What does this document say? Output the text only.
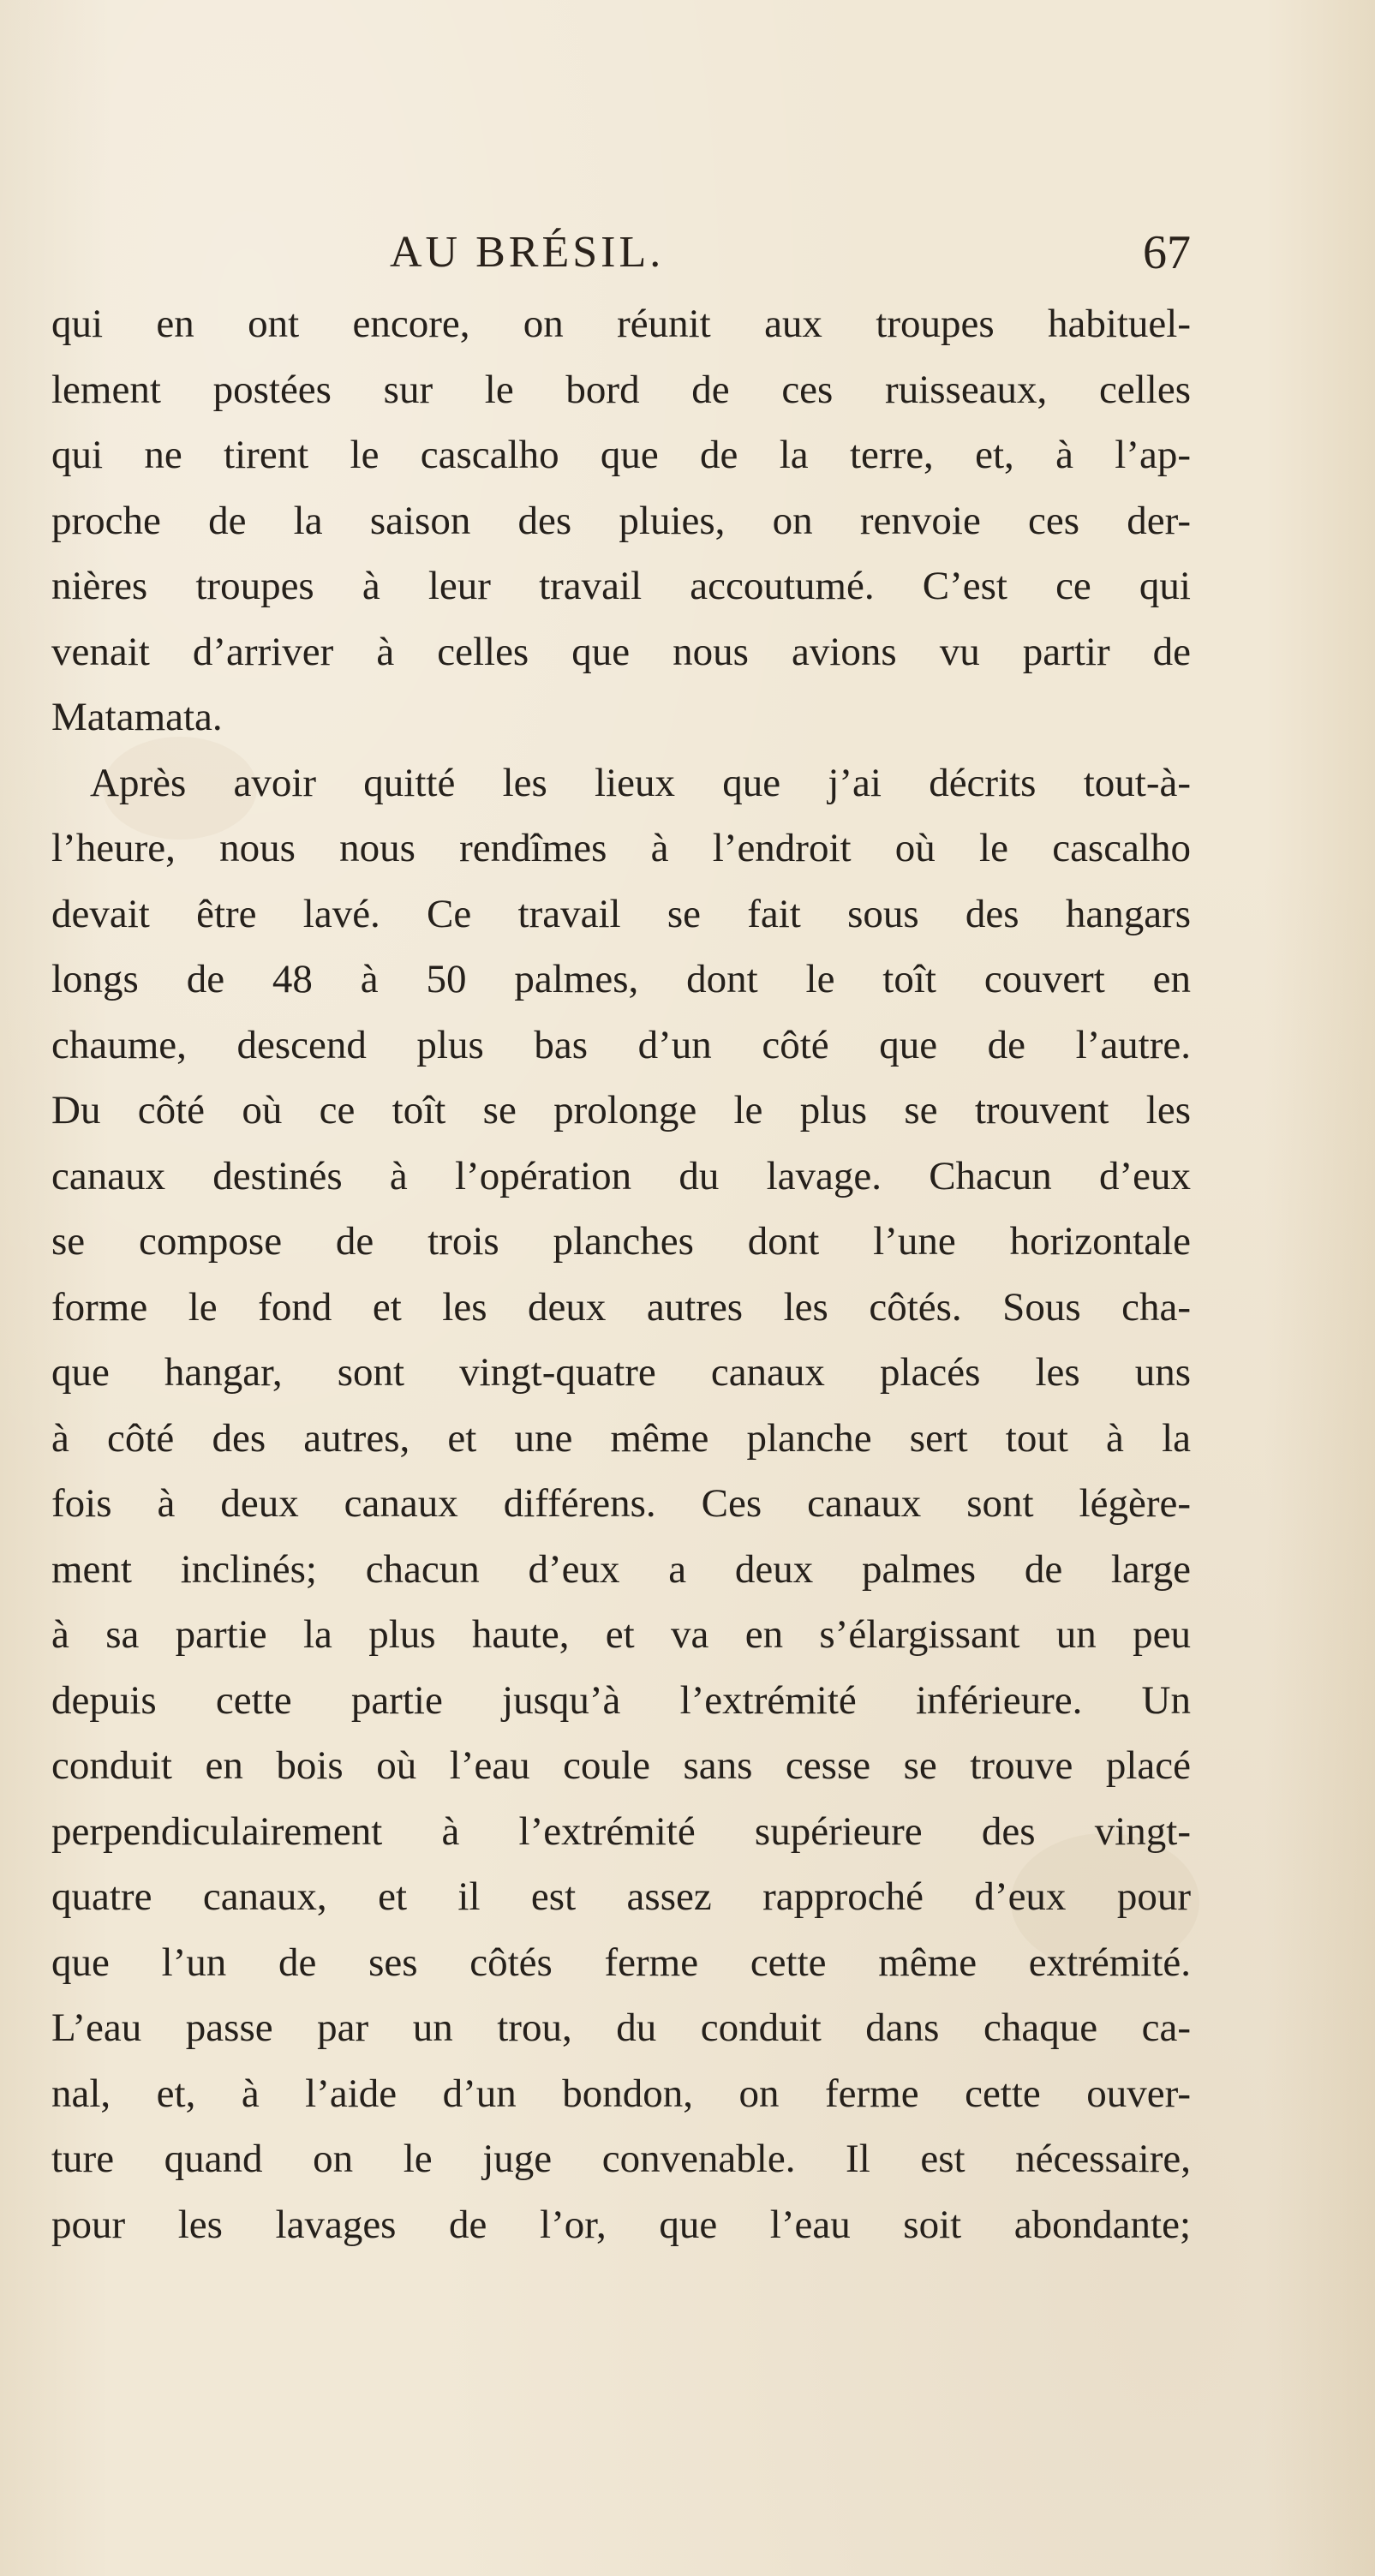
AU BRÉSIL.	67
qui en ont encore, on réunit aux troupes habituel-
lement postées sur le bord de ces ruisseaux, celles
qui ne tirent le cascalho que de la terre, et, à l’ap-
proche de la saison des pluies, on renvoie ces der-
nières troupes à leur travail accoutumé. C’est ce qui
venait d’arriver à celles que nous avions vu partir de
Matamata.
Après avoir quitté les lieux que j’ai décrits tout-à-
l’heure, nous nous rendîmes à l’endroit où le cascalho
devait être lavé. Ce travail se fait sous des hangars
longs de 48 à 50 palmes, dont le toît couvert en
chaume, descend plus bas d’un côté que de l’autre.
Du côté où ce toît se prolonge le plus se trouvent les
canaux destinés à l’opération du lavage. Chacun d’eux
se compose de trois planches dont l’une horizontale
forme le fond et les deux autres les côtés. Sous cha-
que hangar, sont vingt-quatre canaux placés les uns
à côté des autres, et une même planche sert tout à la
fois à deux canaux différens. Ces canaux sont légère-
ment inclinés; chacun d’eux a deux palmes de large
à sa partie la plus haute, et va en s’élargissant un peu
depuis cette partie jusqu’à l’extrémité inférieure. Un
conduit en bois où l’eau coule sans cesse se trouve placé
perpendiculairement à l’extrémité supérieure des vingt-
quatre canaux, et il est assez rapproché d’eux pour
que l’un de ses côtés ferme cette même extrémité.
L’eau passe par un trou, du conduit dans chaque ca-
nal, et, à l’aide d’un bondon, on ferme cette ouver-
ture quand on le juge convenable. Il est nécessaire,
pour les lavages de l’or, que l’eau soit abondante;
